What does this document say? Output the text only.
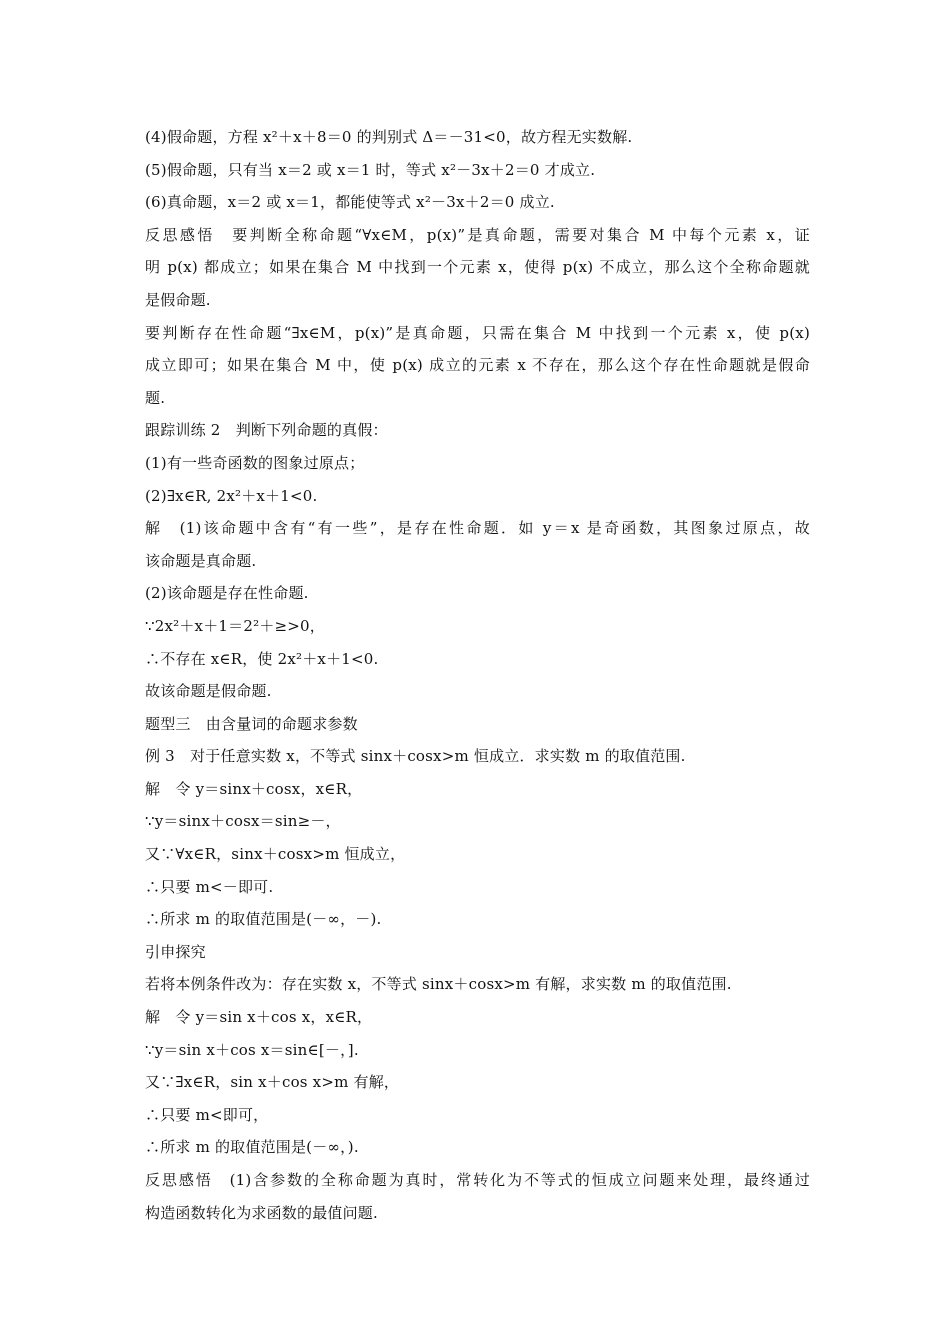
(4)假命题，方程 x²＋x＋8＝0 的判别式 Δ＝－31<0，故方程无实数解.
(5)假命题，只有当 x＝2 或 x＝1 时，等式 x²－3x＋2＝0 才成立.
(6)真命题，x＝2 或 x＝1，都能使等式 x²－3x＋2＝0 成立.
反思感悟　要判断全称命题“∀x∈M，p(x)”是真命题，需要对集合 M 中每个元素 x，证
明 p(x) 都成立；如果在集合 M 中找到一个元素 x，使得 p(x) 不成立，那么这个全称命题就
是假命题.
要判断存在性命题“∃x∈M，p(x)”是真命题，只需在集合 M 中找到一个元素 x，使 p(x)
成立即可；如果在集合 M 中，使 p(x) 成立的元素 x 不存在，那么这个存在性命题就是假命
题.
跟踪训练 2　判断下列命题的真假：
(1)有一些奇函数的图象过原点；
(2)∃x∈R, 2x²＋x＋1<0.
解　(1)该命题中含有“有一些”，是存在性命题．如 y＝x 是奇函数，其图象过原点，故
该命题是真命题.
(2)该命题是存在性命题.
∵2x²＋x＋1＝2²＋≥>0，
∴不存在 x∈R，使 2x²＋x＋1<0.
故该命题是假命题.
题型三　由含量词的命题求参数
例 3　对于任意实数 x，不等式 sinx＋cosx>m 恒成立．求实数 m 的取值范围.
解　令 y＝sinx＋cosx，x∈R，
∵y＝sinx＋cosx＝sin≥－，
又∵∀x∈R，sinx＋cosx>m 恒成立，
∴只要 m<－即可.
∴所求 m 的取值范围是(－∞，－).
引申探究
若将本例条件改为：存在实数 x，不等式 sinx＋cosx>m 有解，求实数 m 的取值范围.
解　令 y＝sin x＋cos x，x∈R，
∵y＝sin x＋cos x＝sin∈[－，].
又∵∃x∈R，sin x＋cos x>m 有解，
∴只要 m<即可，
∴所求 m 的取值范围是(－∞，).
反思感悟　(1)含参数的全称命题为真时，常转化为不等式的恒成立问题来处理，最终通过
构造函数转化为求函数的最值问题.
